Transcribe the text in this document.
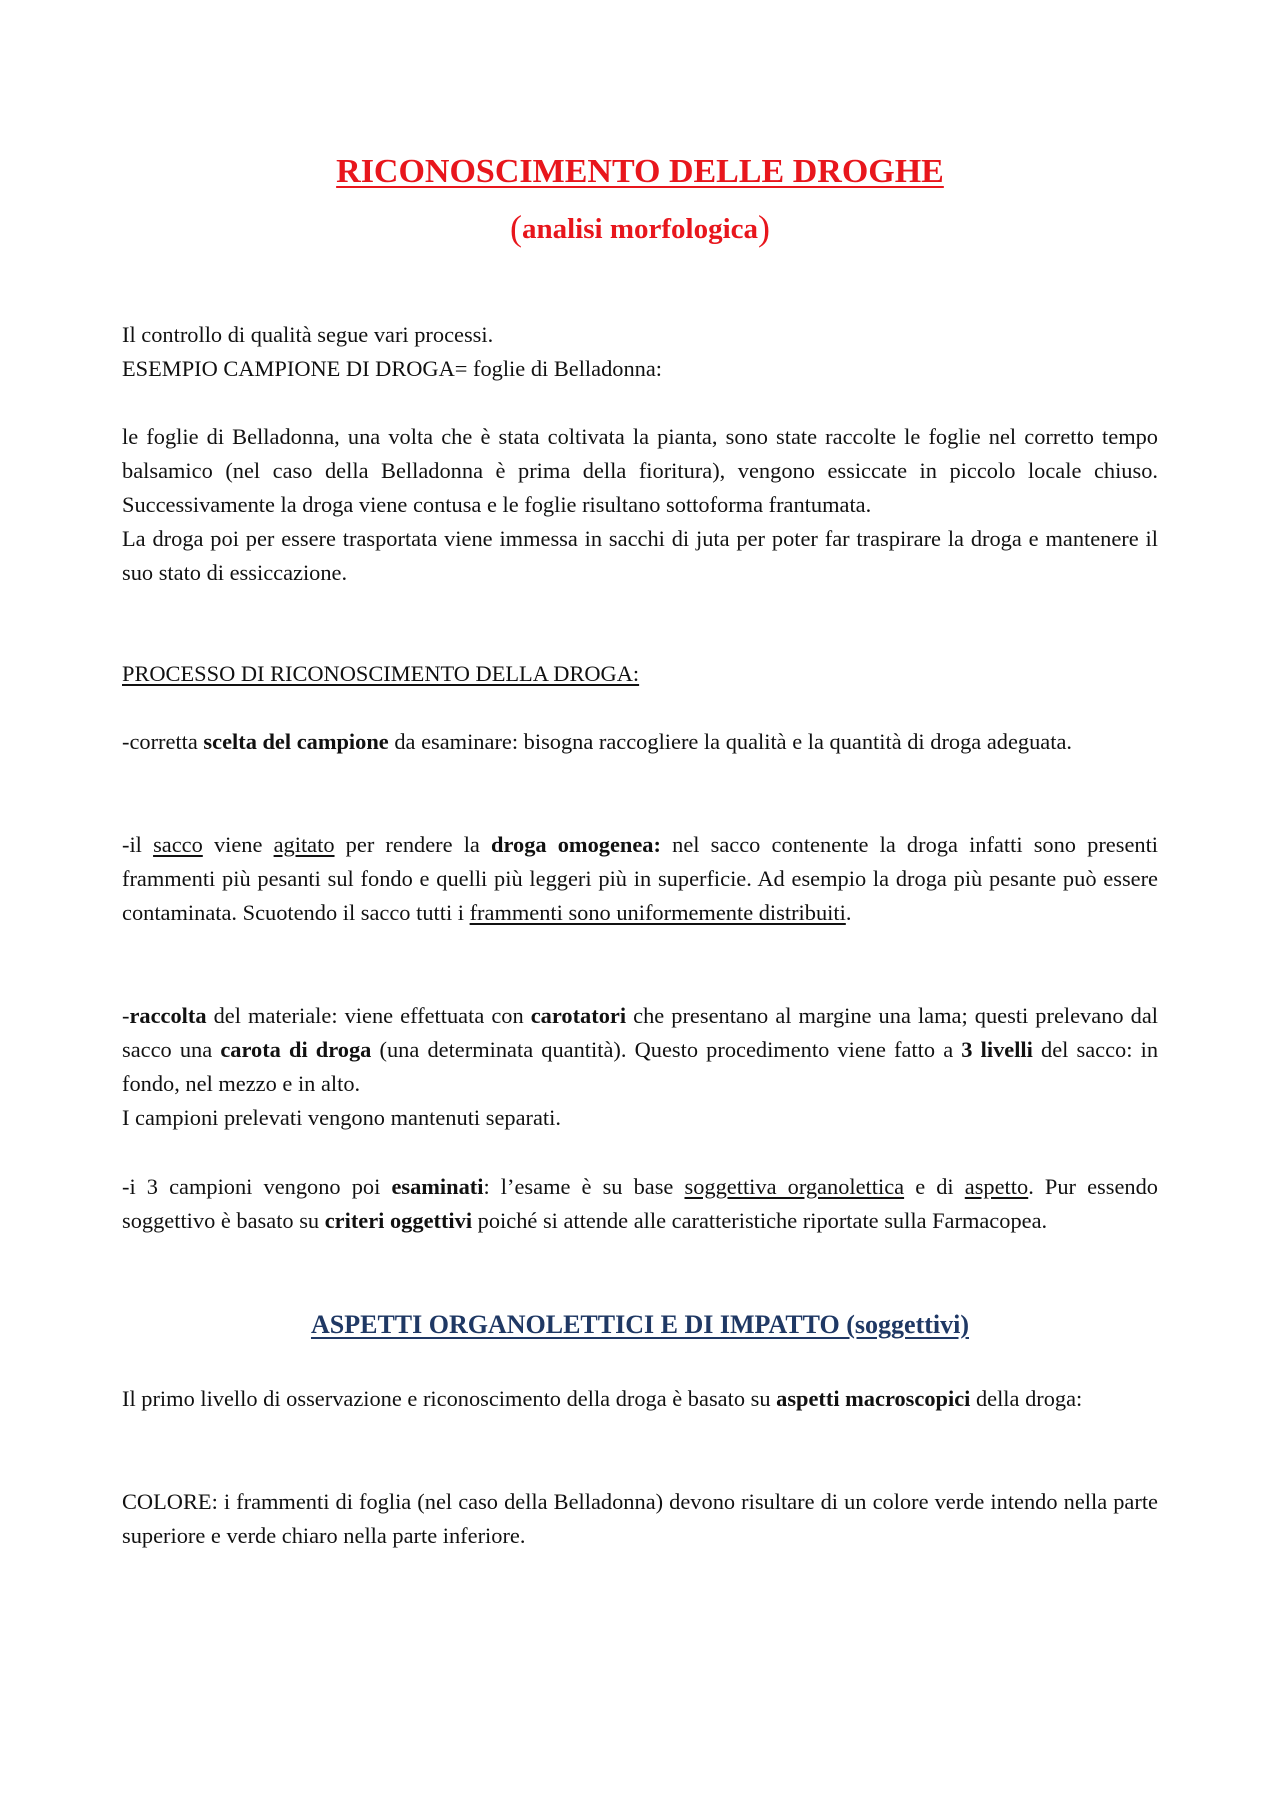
RICONOSCIMENTO DELLE DROGHE
(analisi morfologica)
Il controllo di qualità segue vari processi.
ESEMPIO CAMPIONE DI DROGA= foglie di Belladonna:
le foglie di Belladonna, una volta che è stata coltivata la pianta, sono state raccolte le foglie nel corretto tempo balsamico (nel caso della Belladonna è prima della fioritura), vengono essiccate in piccolo locale chiuso. Successivamente la droga viene contusa e le foglie risultano sottoforma frantumata.
La droga poi per essere trasportata viene immessa in sacchi di juta per poter far traspirare la droga e mantenere il suo stato di essiccazione.
PROCESSO DI RICONOSCIMENTO DELLA DROGA:
-corretta scelta del campione da esaminare: bisogna raccogliere la qualità e la quantità di droga adeguata.
-il sacco viene agitato per rendere la droga omogenea: nel sacco contenente la droga infatti sono presenti frammenti più pesanti sul fondo e quelli più leggeri più in superficie. Ad esempio la droga più pesante può essere contaminata. Scuotendo il sacco tutti i frammenti sono uniformemente distribuiti.
-raccolta del materiale: viene effettuata con carotatori che presentano al margine una lama; questi prelevano dal sacco una carota di droga (una determinata quantità). Questo procedimento viene fatto a 3 livelli del sacco: in fondo, nel mezzo e in alto.
I campioni prelevati vengono mantenuti separati.
-i 3 campioni vengono poi esaminati: l’esame è su base soggettiva organolettica e di aspetto. Pur essendo soggettivo è basato su criteri oggettivi poiché si attende alle caratteristiche riportate sulla Farmacopea.
ASPETTI ORGANOLETTICI E DI IMPATTO (soggettivi)
Il primo livello di osservazione e riconoscimento della droga è basato su aspetti macroscopici della droga:
COLORE: i frammenti di foglia (nel caso della Belladonna) devono risultare di un colore verde intendo nella parte superiore e verde chiaro nella parte inferiore.
